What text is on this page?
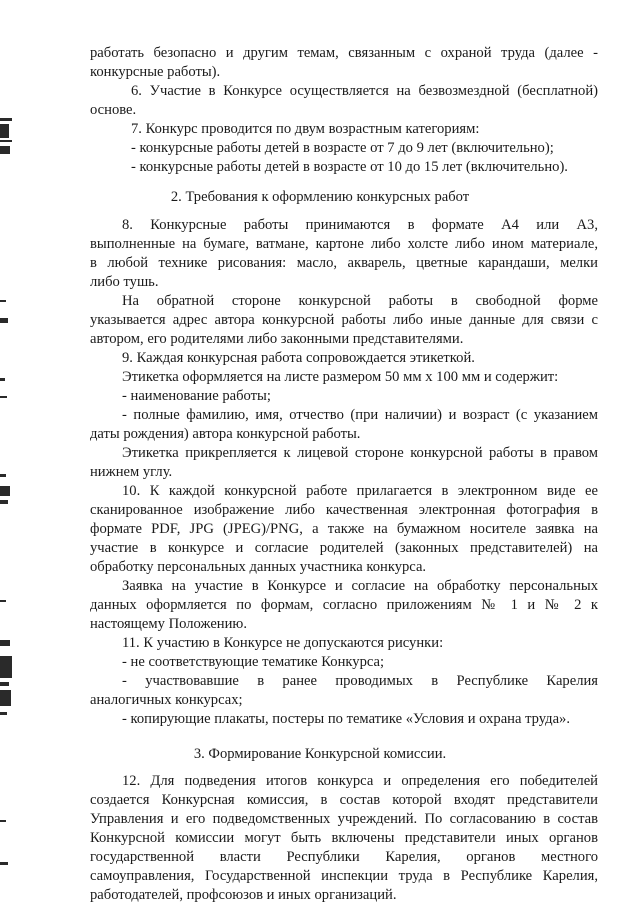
работать безопасно и другим темам, связанным с охраной труда (далее -
конкурсные работы).
6. Участие в Конкурсе осуществляется на безвозмездной (бесплатной)
основе.
7. Конкурс проводится по двум возрастным категориям:
- конкурсные работы детей в возрасте от 7 до 9 лет (включительно);
- конкурсные работы детей в возрасте от 10 до 15 лет (включительно).
2. Требования к оформлению конкурсных работ
8. Конкурсные работы принимаются в формате А4 или А3,
выполненные на бумаге, ватмане, картоне либо холсте либо ином материале,
в любой технике рисования: масло, акварель, цветные карандаши, мелки
либо тушь.
На обратной стороне конкурсной работы в свободной форме
указывается адрес автора конкурсной работы либо иные данные для связи с
автором, его родителями либо законными представителями.
9. Каждая конкурсная работа сопровождается этикеткой.
Этикетка оформляется на листе размером 50 мм х 100 мм и содержит:
- наименование работы;
- полные фамилию, имя, отчество (при наличии) и возраст (с указанием
даты рождения) автора конкурсной работы.
Этикетка прикрепляется к лицевой стороне конкурсной работы в правом
нижнем углу.
10. К каждой конкурсной работе прилагается в электронном виде ее
сканированное изображение либо качественная электронная фотография в
формате PDF, JPG (JPEG)/PNG, а также на бумажном носителе заявка на
участие в конкурсе и согласие родителей (законных представителей) на
обработку персональных данных участника конкурса.
Заявка на участие в Конкурсе и согласие на обработку персональных
данных оформляется по формам, согласно приложениям № 1 и № 2 к
настоящему Положению.
11. К участию в Конкурсе не допускаются рисунки:
- не соответствующие тематике Конкурса;
- участвовавшие в ранее проводимых в Республике Карелия
аналогичных конкурсах;
- копирующие плакаты, постеры по тематике «Условия и охрана труда».
3. Формирование Конкурсной комиссии.
12. Для подведения итогов конкурса и определения его победителей
создается Конкурсная комиссия, в состав которой входят представители
Управления и его подведомственных учреждений. По согласованию в состав
Конкурсной комиссии могут быть включены представители иных органов
государственной власти Республики Карелия, органов местного
самоуправления, Государственной инспекции труда в Республике Карелия,
работодателей, профсоюзов и иных организаций.
